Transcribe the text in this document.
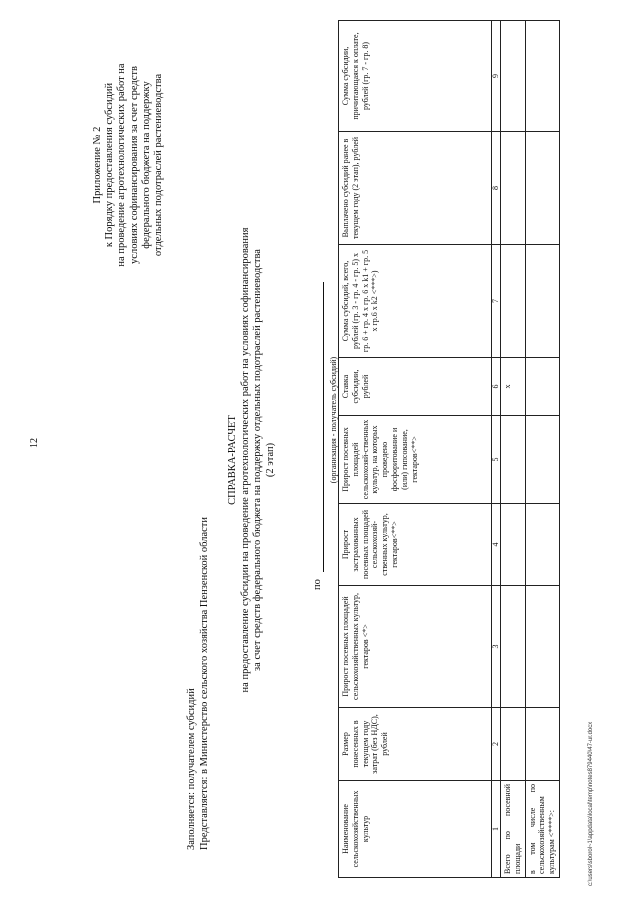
12
Приложение № 2 к Порядку предоставления субсидий на проведение агротехнологических работ на условиях софинансирования за счет средств федерального бюджета на поддержку отдельных подотраслей растениеводства
Заполняется: получателем субсидий Представляется: в Министерство сельского хозяйства Пензенской области
СПРАВКА-РАСЧЕТ на предоставление субсидии на проведение агротехнологических работ на условиях софинансирования за счет средств федерального бюджета на поддержку отдельных подотраслей растениеводства (2 этап)
по
(организация - получатель субсидий)
Наименование сельскохозяйственных культур	Размер понесенных в текущем году затрат (без НДС), рублей	Прирост посевных площадей сельскохозяйственных культур, гектаров <*>	Прирост застрахованных посевных площадей сельскохозяй-ственных культур, гектаров<**>	Прирост посевных площадей сельскохозяй-ственных культур, на которых проведено фосфоритование и (или) гипсование, гектаров<**>	Ставка субсидии, рублей	Сумма субсидий, всего, рублей (гр. 3 - гр. 4 - гр. 5) x гр. 6 + гр. 4 x гр. 6 x k1 + гр. 5 x гр.6 x k2 <***>)	Выплачено субсидий ранее в текущем году (2 этап), рублей	Сумма субсидии, причитающаяся к оплате, рублей (гр. 7 - гр. 8)
1	2	3	4	5	6	7	8	9
Всего по посевной площади					x			
в том числе по сельскохозяйственным культурам <****>:									c:\users\sborol~1\appdata\local\temp\notes879440\47-ur.docx
